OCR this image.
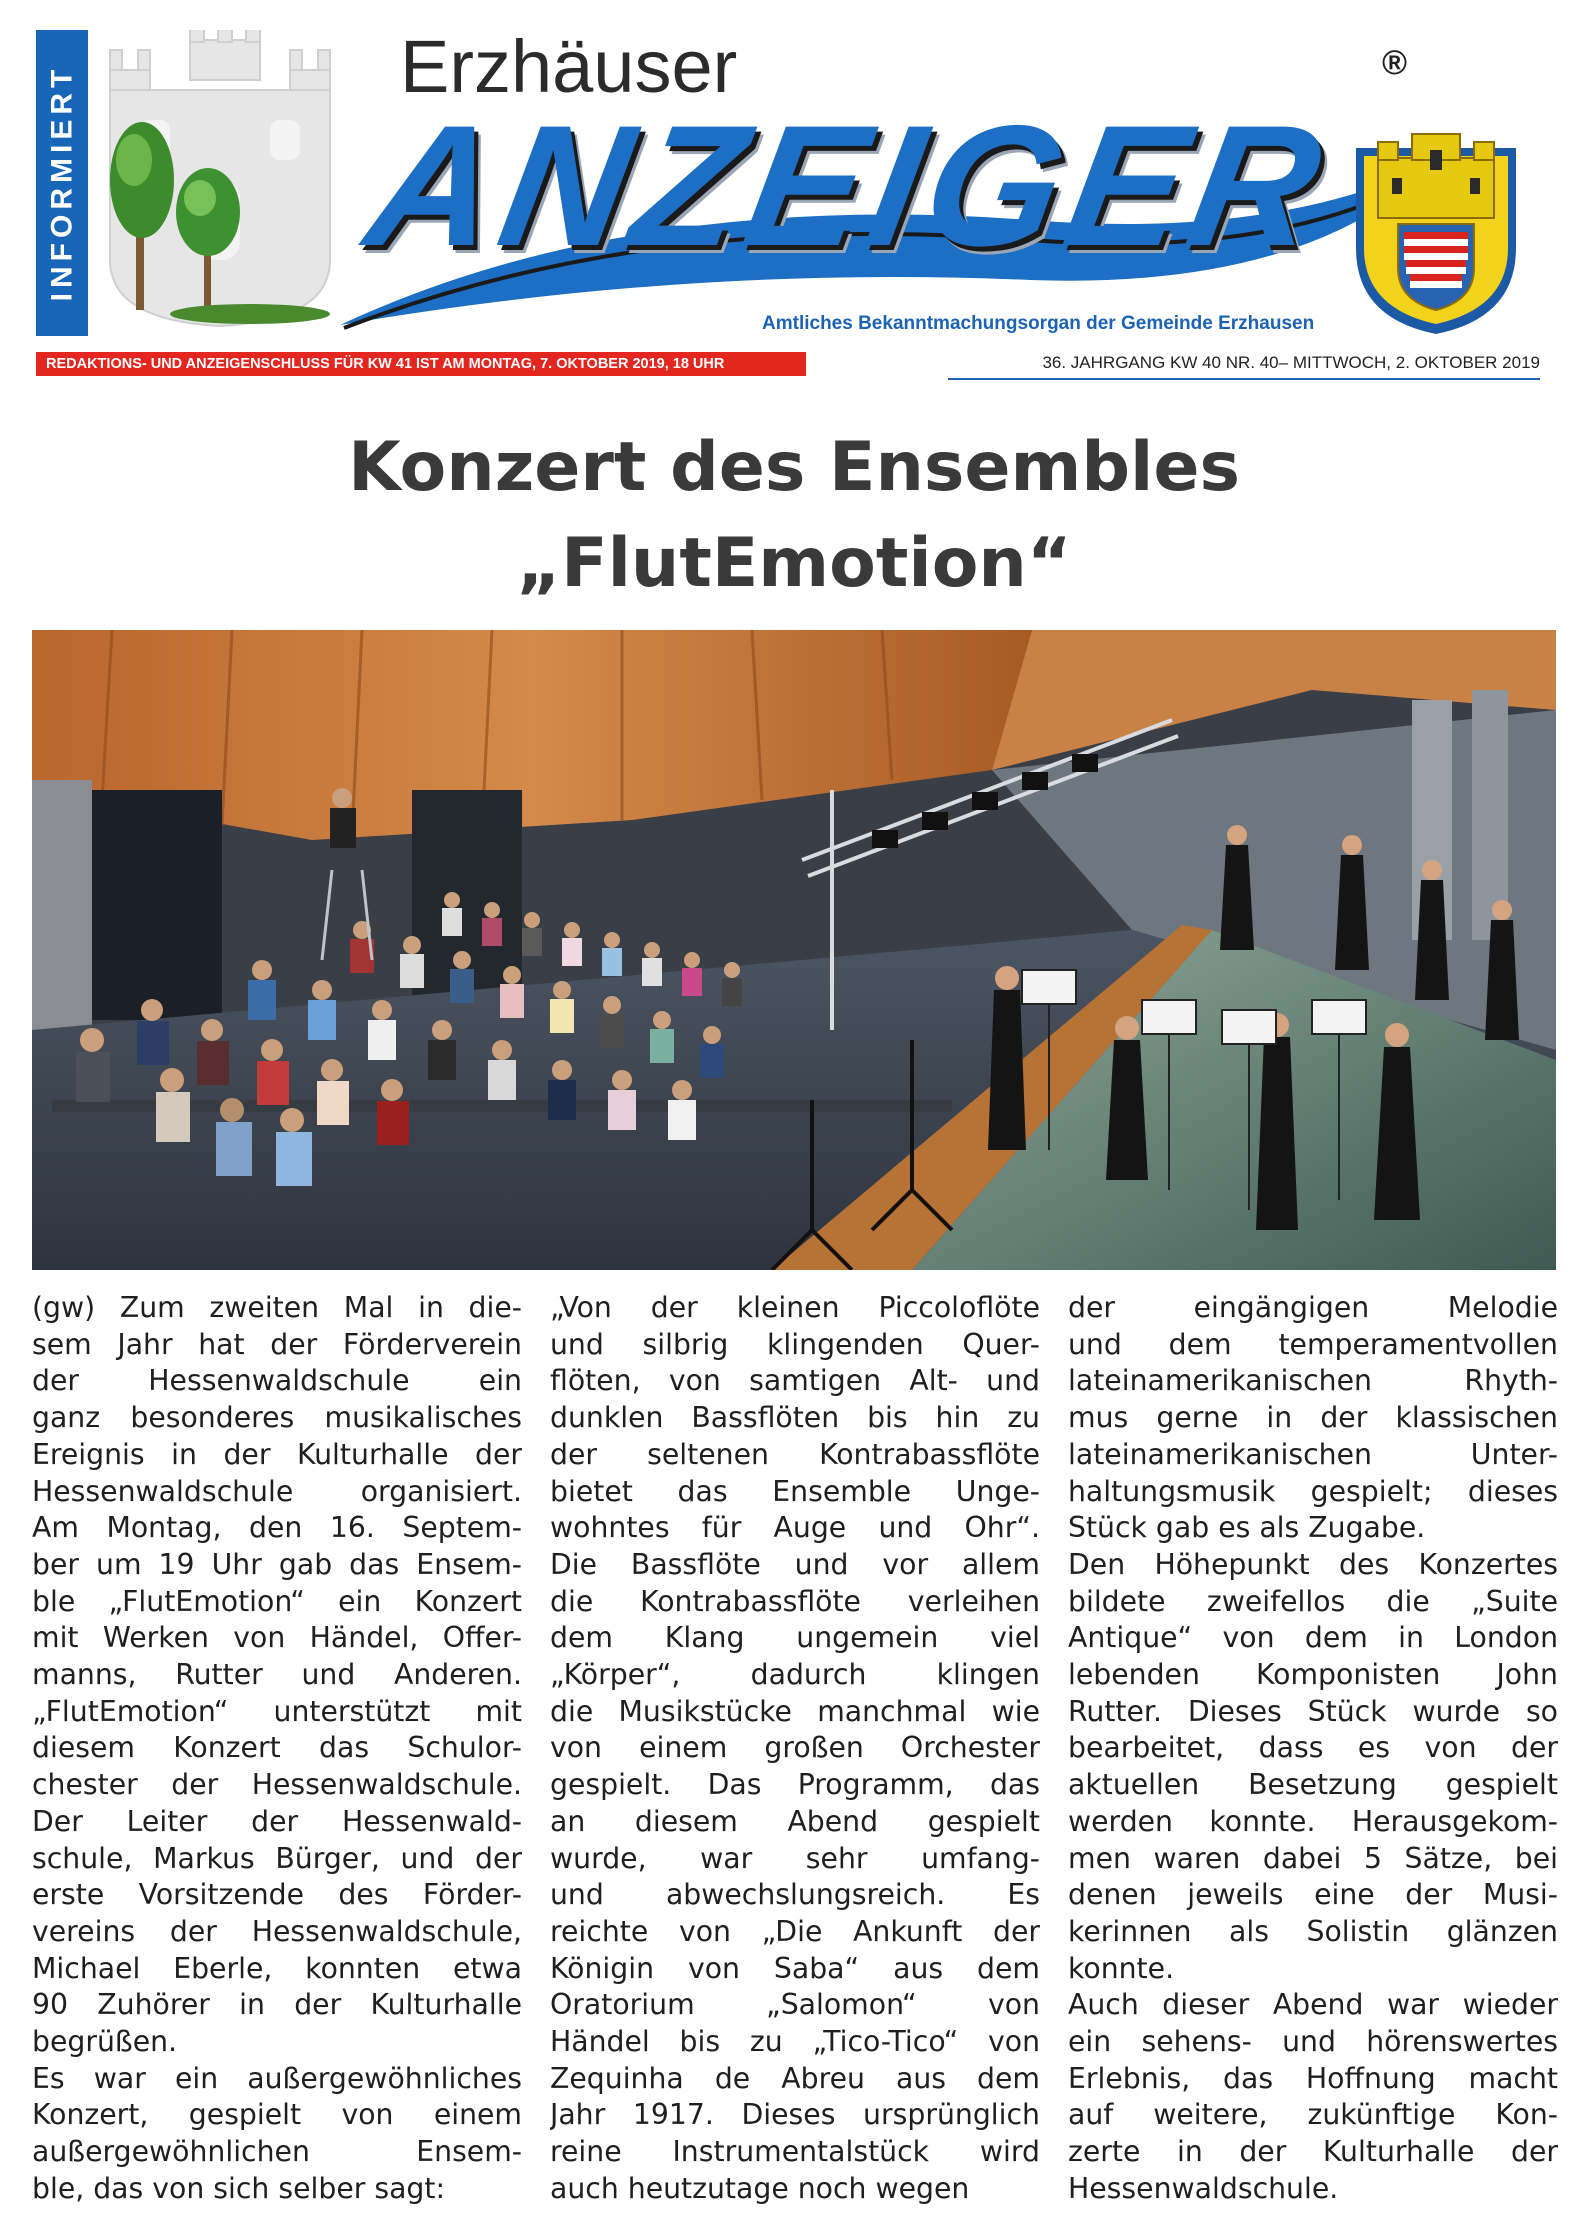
INFORMIERT	Erzhäuser
ANZEIGER
®
Amtliches Bekanntmachungsorgan der Gemeinde Erzhausen
REDAKTIONS- UND ANZEIGENSCHLUSS FÜR KW 41 IST AM MONTAG, 7. OKTOBER 2019, 18 UHR	36. JAHRGANG KW 40 NR. 40– MITTWOCH, 2. OKTOBER 2019
Konzert des Ensembles
„FlutEmotion“
(gw) Zum zweiten Mal in die-
sem Jahr hat der Förderverein
der Hessenwaldschule ein
ganz besonderes musikalisches
Ereignis in der Kulturhalle der
Hessenwaldschule organisiert.
Am Montag, den 16. Septem-
ber um 19 Uhr gab das Ensem-
ble „FlutEmotion“ ein Konzert
mit Werken von Händel, Offer-
manns, Rutter und Anderen.
„FlutEmotion“ unterstützt mit
diesem Konzert das Schulor-
chester der Hessenwaldschule.
Der Leiter der Hessenwald-
schule, Markus Bürger, und der
erste Vorsitzende des Förder-
vereins der Hessenwaldschule,
Michael Eberle, konnten etwa
90 Zuhörer in der Kulturhalle
begrüßen.
Es war ein außergewöhnliches
Konzert, gespielt von einem
außergewöhnlichen Ensem-
ble, das von sich selber sagt:
„Von der kleinen Piccoloflöte
und silbrig klingenden Quer-
flöten, von samtigen Alt- und
dunklen Bassflöten bis hin zu
der seltenen Kontrabassflöte
bietet das Ensemble Unge-
wohntes für Auge und Ohr“.
Die Bassflöte und vor allem
die Kontrabassflöte verleihen
dem Klang ungemein viel
„Körper“, dadurch klingen
die Musikstücke manchmal wie
von einem großen Orchester
gespielt. Das Programm, das
an diesem Abend gespielt
wurde, war sehr umfang-
und abwechslungsreich. Es
reichte von „Die Ankunft der
Königin von Saba“ aus dem
Oratorium „Salomon“ von
Händel bis zu „Tico-Tico“ von
Zequinha de Abreu aus dem
Jahr 1917. Dieses ursprünglich
reine Instrumentalstück wird
auch heutzutage noch wegen
der eingängigen Melodie
und dem temperamentvollen
lateinamerikanischen Rhyth-
mus gerne in der klassischen
lateinamerikanischen Unter-
haltungsmusik gespielt; dieses
Stück gab es als Zugabe.
Den Höhepunkt des Konzertes
bildete zweifellos die „Suite
Antique“ von dem in London
lebenden Komponisten John
Rutter. Dieses Stück wurde so
bearbeitet, dass es von der
aktuellen Besetzung gespielt
werden konnte. Herausgekom-
men waren dabei 5 Sätze, bei
denen jeweils eine der Musi-
kerinnen als Solistin glänzen
konnte.
Auch dieser Abend war wieder
ein sehens- und hörenswertes
Erlebnis, das Hoffnung macht
auf weitere, zukünftige Kon-
zerte in der Kulturhalle der
Hessenwaldschule.
